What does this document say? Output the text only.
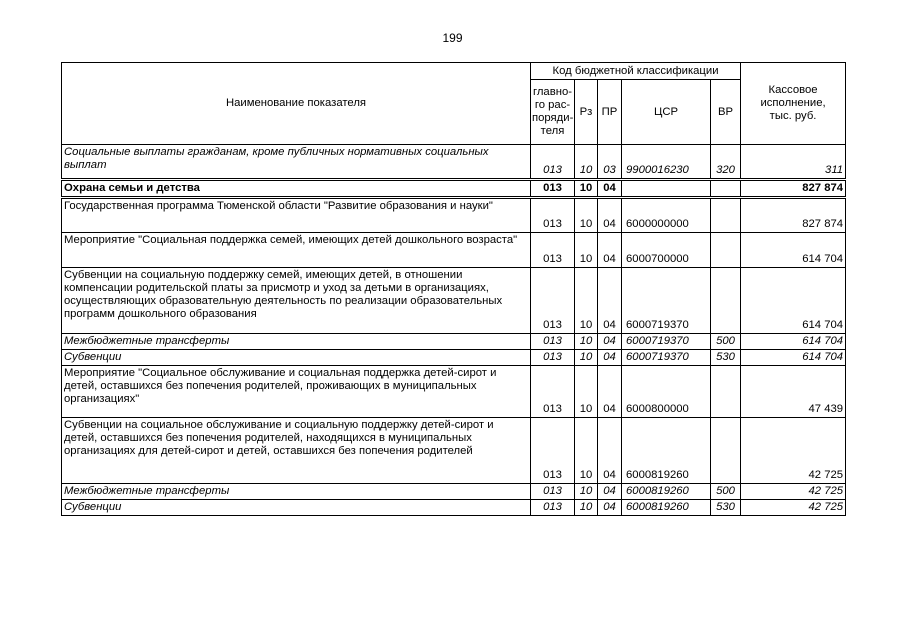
199
Наименование показателя	Код бюджетной классификации					Кассовое
исполнение,
тыс. руб.
	главно-
го рас-
поряди-
теля	Рз	ПР	ЦСР	ВР	
Социальные выплаты гражданам, кроме публичных нормативных социальных выплат	013	10	03	9900016230	320	311
Охрана семьи и детства	013	10	04			827 874
Государственная программа Тюменской области "Развитие образования и науки"	013	10	04	6000000000		827 874
Мероприятие "Социальная поддержка семей, имеющих детей дошкольного возраста"	013	10	04	6000700000		614 704
Субвенции на социальную поддержку семей, имеющих детей, в отношении компенсации родительской платы за присмотр и уход за детьми в организациях, осуществляющих образовательную деятельность по реализации образовательных программ дошкольного образования	013	10	04	6000719370		614 704
Межбюджетные трансферты	013	10	04	6000719370	500	614 704
Субвенции	013	10	04	6000719370	530	614 704
Мероприятие "Социальное обслуживание и социальная поддержка детей-сирот и детей, оставшихся без попечения родителей, проживающих в муниципальных организациях"	013	10	04	6000800000		47 439
Субвенции на социальное обслуживание и социальную поддержку детей-сирот и детей, оставшихся без попечения родителей, находящихся в муниципальных организациях для детей-сирот и детей, оставшихся без попечения родителей	013	10	04	6000819260		42 725
Межбюджетные трансферты	013	10	04	6000819260	500	42 725
Субвенции	013	10	04	6000819260	530	42 725
